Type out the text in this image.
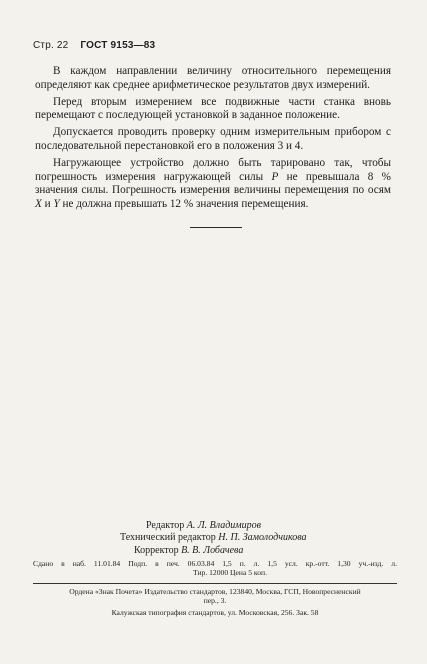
Стр. 22 ГОСТ 9153—83

В каждом направлении величину относительного перемещения определяют как среднее арифметическое результатов двух измерений.

Перед вторым измерением все подвижные части станка вновь перемещают с последующей установкой в заданное положение.

Допускается проводить проверку одним измерительным прибором с последовательной перестановкой его в положения 3 и 4.

Нагружающее устройство должно быть тарировано так, чтобы погрешность измерения нагружающей силы P не превышала 8 % значения силы. Погрешность измерения величины перемещения по осям X и Y не должна превышать 12 % значения перемещения.

Редактор А. Л. Владимиров
Технический редактор Н. П. Замолодчикова
Корректор В. В. Лобачева
Сдано в наб. 11.01.84 Подп. в печ. 06.03.84 1,5 п. л. 1,5 усл. кр.-отт. 1,30 уч.-изд. л.
Тир. 12000 Цена 5 коп.
Ордена «Знак Почета» Издательство стандартов, 123840, Москва, ГСП, Новопресненский
пер., 3.
Калужская типография стандартов, ул. Московская, 256. Зак. 58
